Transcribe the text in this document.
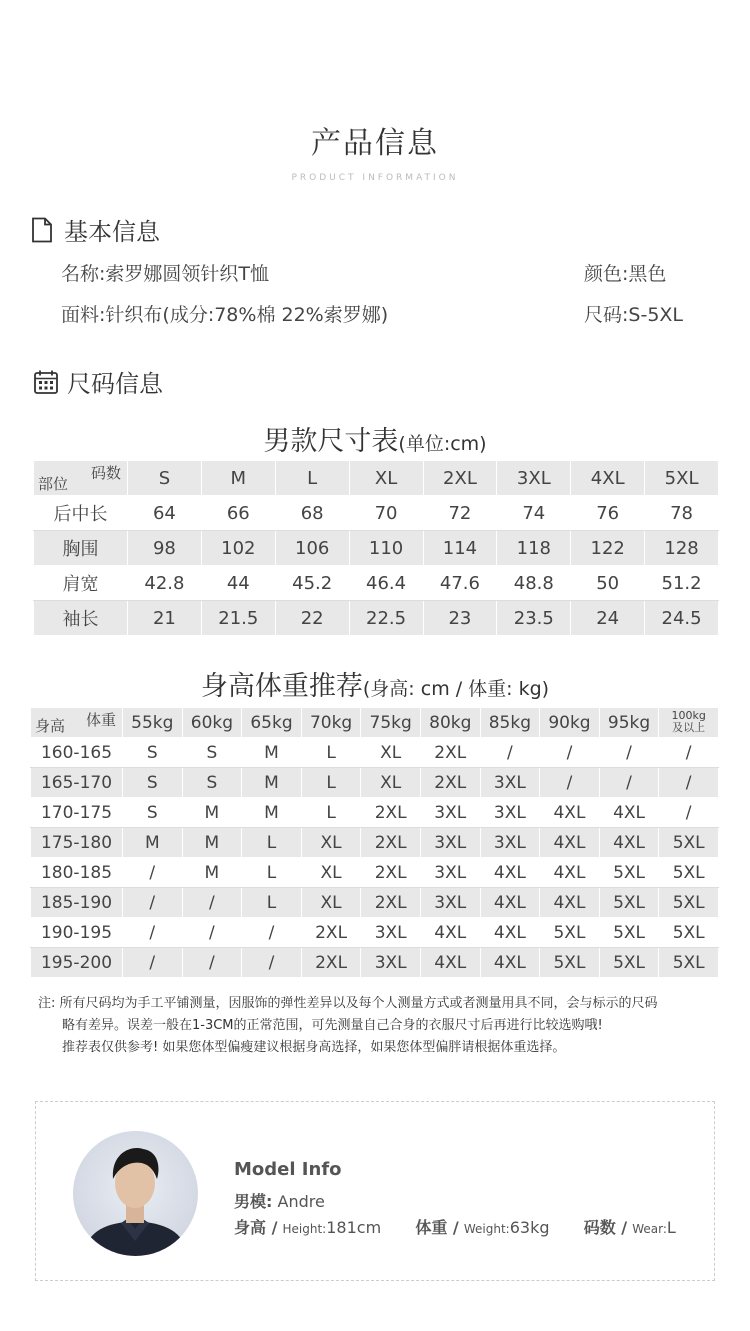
产品信息
PRODUCT INFORMATION
基本信息
名称:索罗娜圆领针织T恤	颜色:黑色
面料:针织布(成分:78%棉 22%索罗娜)	尺码:S-5XL
尺码信息
男款尺寸表(单位:cm)
码数
部位	S	M	L	XL	2XL	3XL	4XL	5XL
后中长	64	66	68	70	72	74	76	78
胸围	98	102	106	110	114	118	122	128
肩宽	42.8	44	45.2	46.4	47.6	48.8	50	51.2
袖长	21	21.5	22	22.5	23	23.5	24	24.5
身高体重推荐(身高: cm / 体重: kg)
体重
身高	55kg	60kg	65kg	70kg	75kg	80kg	85kg	90kg	95kg	100kg
及以上
160-165	S	S	M	L	XL	2XL	/	/	/	/
165-170	S	S	M	L	XL	2XL	3XL	/	/	/
170-175	S	M	M	L	2XL	3XL	3XL	4XL	4XL	/
175-180	M	M	L	XL	2XL	3XL	3XL	4XL	4XL	5XL
180-185	/	M	L	XL	2XL	3XL	4XL	4XL	5XL	5XL
185-190	/	/	L	XL	2XL	3XL	4XL	4XL	5XL	5XL
190-195	/	/	/	2XL	3XL	4XL	4XL	5XL	5XL	5XL
195-200	/	/	/	2XL	3XL	4XL	4XL	5XL	5XL	5XL
注: 所有尺码均为手工平铺测量，因服饰的弹性差异以及每个人测量方式或者测量用具不同，会与标示的尺码
略有差异。误差一般在1-3CM的正常范围，可先测量自己合身的衣服尺寸后再进行比较选购哦!
推荐表仅供参考! 如果您体型偏瘦建议根据身高选择，如果您体型偏胖请根据体重选择。
Model Info
男模: Andre
身高 / Height:181cm 体重 / Weight:63kg 码数 / Wear:L
